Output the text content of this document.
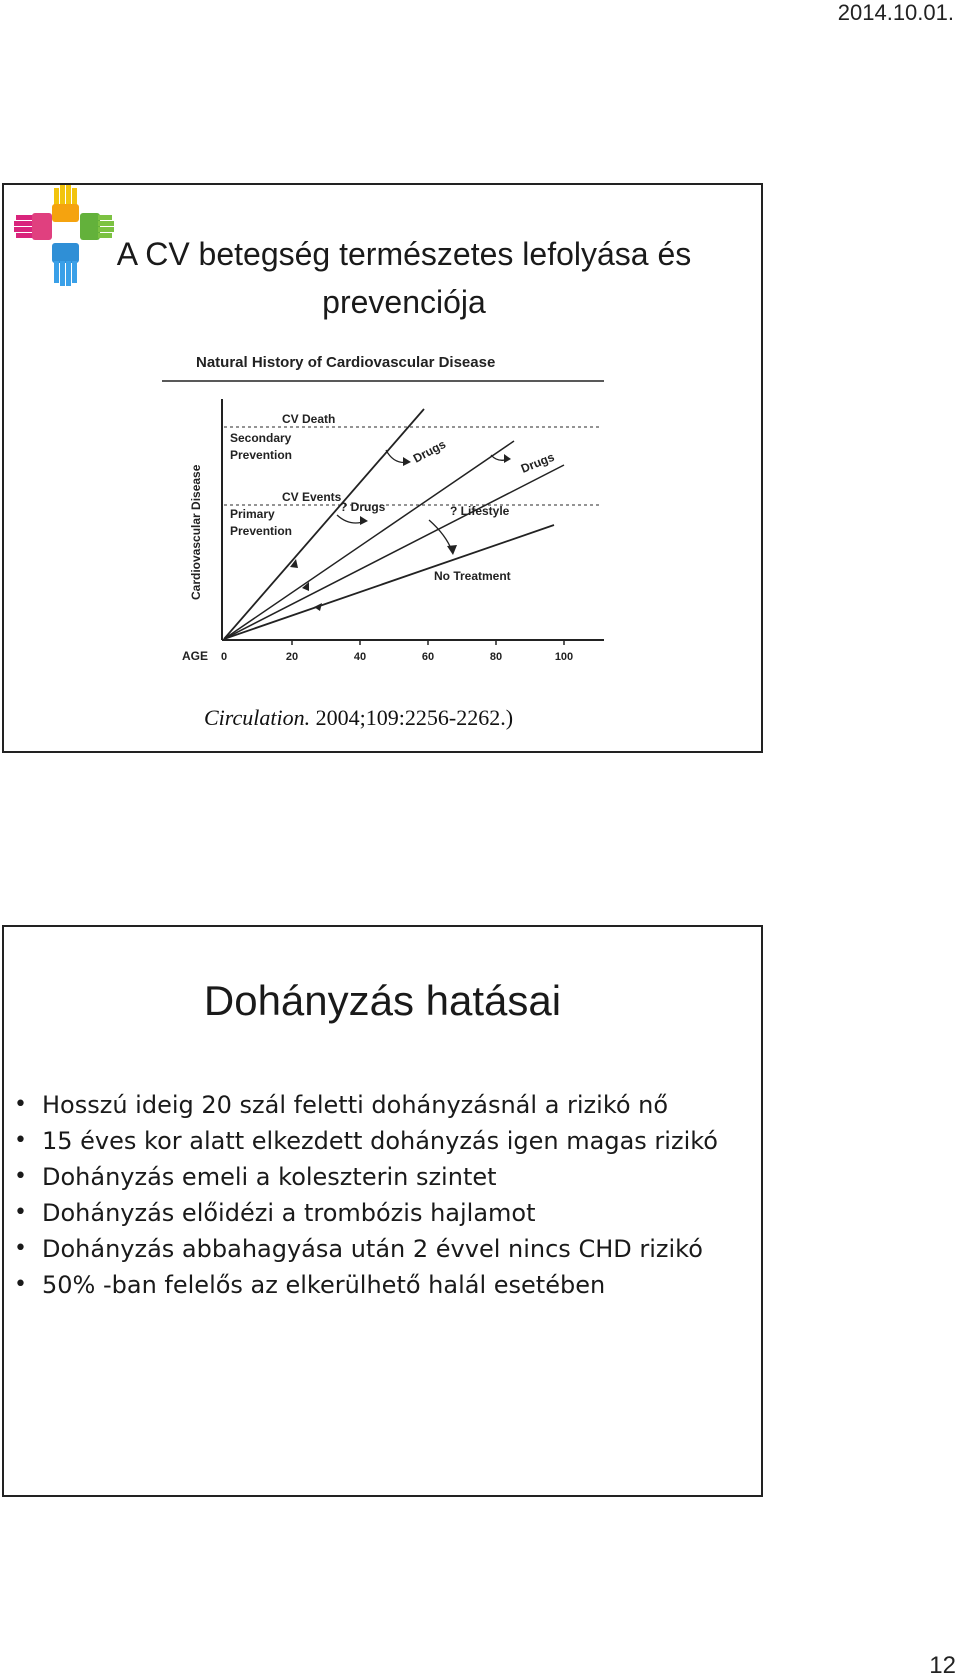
2014.10.01.
A CV betegség természetes lefolyása és
prevenciója
Natural History of Cardiovascular Disease
Cardiovascular Disease
CV Death
Secondary
Prevention
CV Events
Primary
Prevention
Drugs	Drugs
? Drugs	? Lifestyle
No Treatment
AGE 0	20	40	60	80	100
Circulation. 2004;109:2256-2262.)
Dohányzás hatásai
• Hosszú ideig 20 szál feletti dohányzásnál a rizikó nő
• 15 éves kor alatt elkezdett dohányzás igen magas rizikó
• Dohányzás emeli a koleszterin szintet
• Dohányzás előidézi a trombózis hajlamot
• Dohányzás abbahagyása után 2 évvel nincs CHD rizikó
• 50% -ban felelős az elkerülhető halál esetében
12
